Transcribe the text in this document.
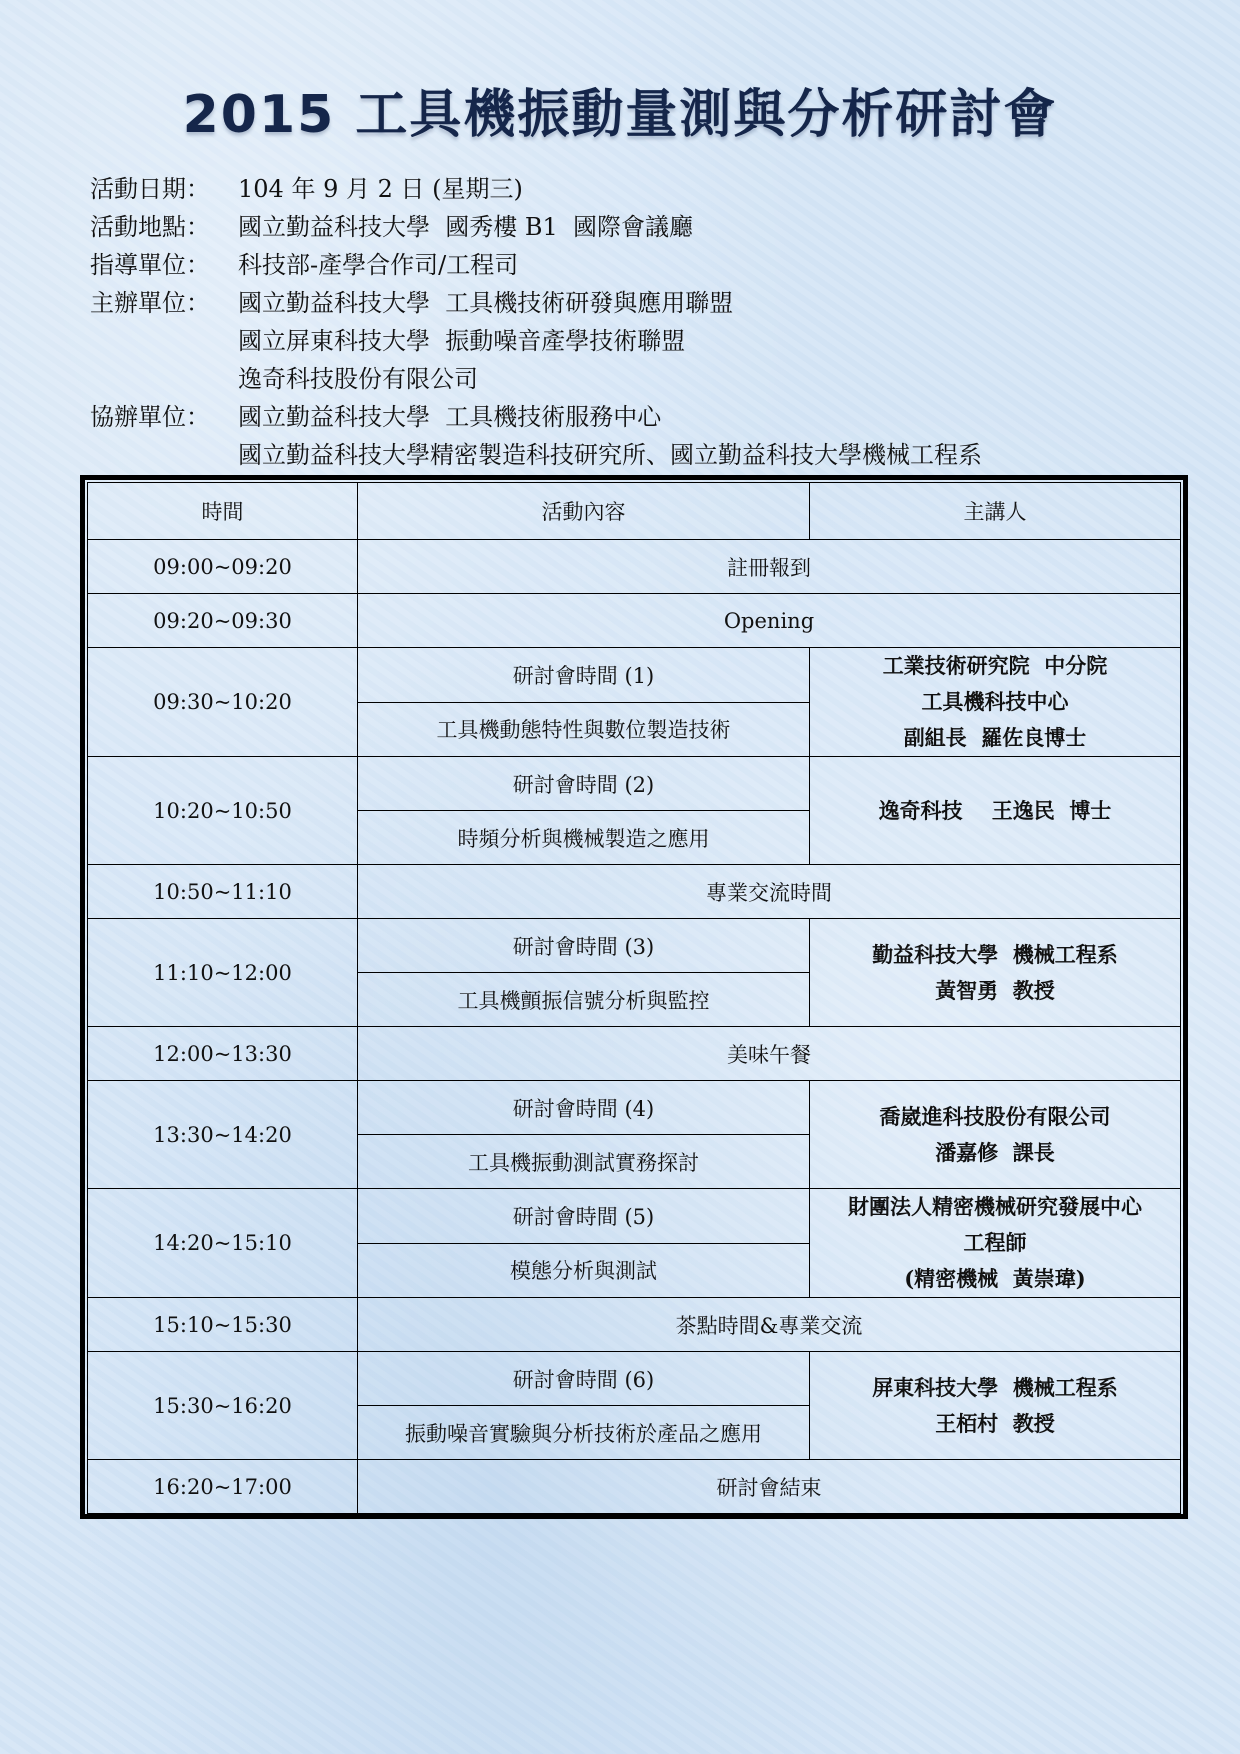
2015 工具機振動量測與分析研討會
活動日期：	104 年 9 月 2 日 (星期三)
活動地點：	國立勤益科技大學  國秀樓 B1  國際會議廳
指導單位：	科技部-產學合作司/工程司
主辦單位：	國立勤益科技大學  工具機技術研發與應用聯盟
國立屏東科技大學  振動噪音產學技術聯盟
逸奇科技股份有限公司
協辦單位：	國立勤益科技大學  工具機技術服務中心
國立勤益科技大學精密製造科技研究所、國立勤益科技大學機械工程系
時間	活動內容	主講人
09:00~09:20	註冊報到	
09:20~09:30	Opening	
09:30~10:20	研討會時間 (1)	工業技術研究院  中分院
工具機科技中心
副組長  羅佐良博士

	工具機動態特性與數位製造技術	
10:20~10:50	研討會時間 (2)	逸奇科技    王逸民  博士

	時頻分析與機械製造之應用	
10:50~11:10	專業交流時間	
11:10~12:00	研討會時間 (3)	勤益科技大學  機械工程系
黃智勇  教授

	工具機顫振信號分析與監控	
12:00~13:30	美味午餐	
13:30~14:20	研討會時間 (4)	喬崴進科技股份有限公司
潘嘉修  課長

	工具機振動測試實務探討	
14:20~15:10	研討會時間 (5)	財團法人精密機械研究發展中心
工程師
(精密機械  黃崇瑋)

	模態分析與測試	
15:10~15:30	茶點時間&專業交流	
15:30~16:20	研討會時間 (6)	屏東科技大學  機械工程系
王栢村  教授

	振動噪音實驗與分析技術於產品之應用	
16:20~17:00	研討會結束	
